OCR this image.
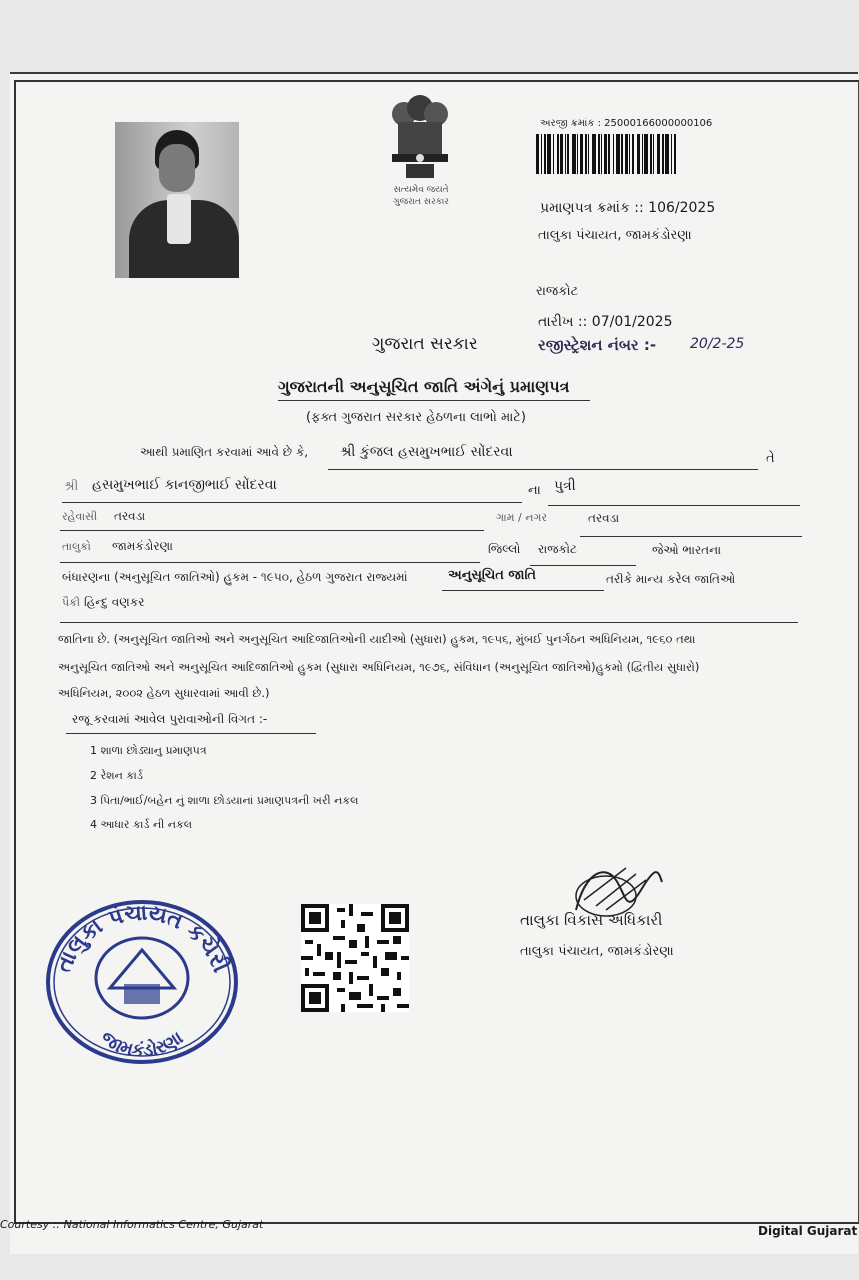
સત્યમેવ જયતે
ગુજરાત સરકાર
અરજી ક્રમાંક : 25000166000000106
પ્રમાણપત્ર ક્રમાંક :: 106/2025
તાલુકા પંચાયત, જામકંડોરણા
રાજકોટ
તારીખ :: 07/01/2025
ગુજરાત સરકાર	રજીસ્ટ્રેશન નંબર :- 20/2-25
ગુજરાતની અનુસૂચિત જાતિ અંગેનું પ્રમાણપત્ર
(ફક્ત ગુજરાત સરકાર હેઠળના લાભો માટે)
આથી પ્રમાણિત કરવામાં આવે છે કે, શ્રી કુંજલ હસમુખભાઈ સોંદરવા	તે
શ્રી હસમુખભાઈ કાનજીભાઈ સોંદરવા	ના પુત્રી
રહેવાસી તરવડા	ગામ / નગર	તરવડા
તાલુકો જામકંડોરણા	જિલ્લો રાજકોટ	જેઓ ભારતના
બંધારણના (અનુસૂચિત જાતિઓ) હુકમ - ૧૯૫૦, હેઠળ ગુજરાત રાજ્યમાં	અનુસૂચિત જાતિ	તરીકે માન્ય કરેલ જાતિઓ
પૈકી હિન્દુ વણકર
જાતિના છે. (અનુસૂચિત જાતિઓ અને અનુસૂચિત આદિજાતિઓની યાદીઓ (સુધારા) હુકમ, ૧૯૫૬, મુંબઈ પુનર્ગઠન અધિનિયમ, ૧૯૬૦ તથા
અનુસૂચિત જાતિઓ અને અનુસૂચિત આદિજાતિઓ હુકમ (સુધારા અધિનિયમ, ૧૯૭૬, સંવિધાન (અનુસૂચિત જાતિઓ)હુકમો (દ્વિતીય સુધારો)
અધિનિયમ, ૨૦૦૨ હેઠળ સુધારવામાં આવી છે.)
રજૂ કરવામાં આવેલ પુરાવાઓની વિગત :-
1 શાળા છોડ્યાનુ પ્રમાણપત્ર
2 રેશન કાર્ડ
3 પિતા/ભાઈ/બહેન નું શાળા છોડયાનાં પ્રમાણપત્રની ખરી નકલ
4 આધાર કાર્ડ ની નકલ
તાલુકા પંચાયત કચેરી
જામકંડોરણા
તાલુકા વિકાસ અધિકારી
તાલુકા પંચાયત, જામકંડોરણા
Courtesy :: National Informatics Centre, Gujarat	Digital Gujarat
